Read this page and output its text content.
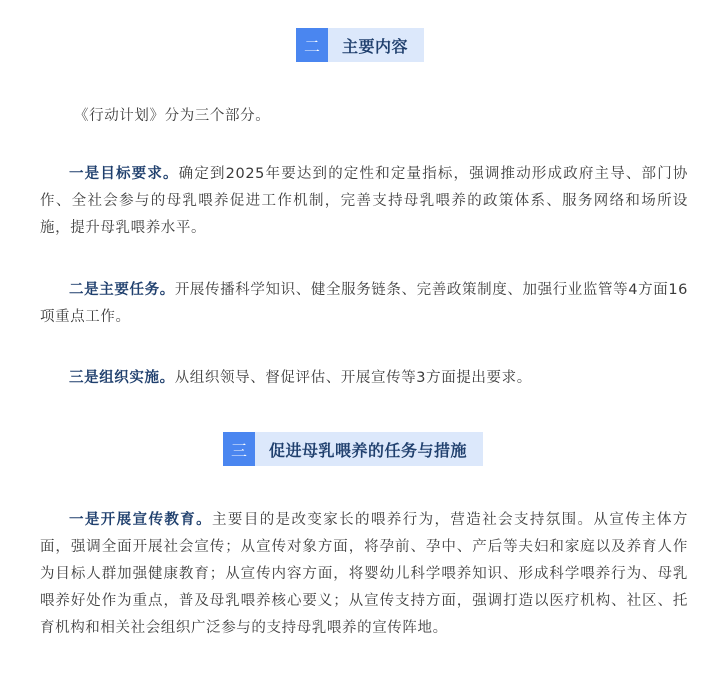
二	主要内容

《行动计划》分为三个部分。

一是目标要求。确定到2025年要达到的定性和定量指标，强调推动形成政府主导、部门协作、全社会参与的母乳喂养促进工作机制，完善支持母乳喂养的政策体系、服务网络和场所设施，提升母乳喂养水平。

二是主要任务。开展传播科学知识、健全服务链条、完善政策制度、加强行业监管等4方面16项重点工作。

三是组织实施。从组织领导、督促评估、开展宣传等3方面提出要求。

三	促进母乳喂养的任务与措施

一是开展宣传教育。主要目的是改变家长的喂养行为，营造社会支持氛围。从宣传主体方面，强调全面开展社会宣传；从宣传对象方面，将孕前、孕中、产后等夫妇和家庭以及养育人作为目标人群加强健康教育；从宣传内容方面，将婴幼儿科学喂养知识、形成科学喂养行为、母乳喂养好处作为重点，普及母乳喂养核心要义；从宣传支持方面，强调打造以医疗机构、社区、托育机构和相关社会组织广泛参与的支持母乳喂养的宣传阵地。
